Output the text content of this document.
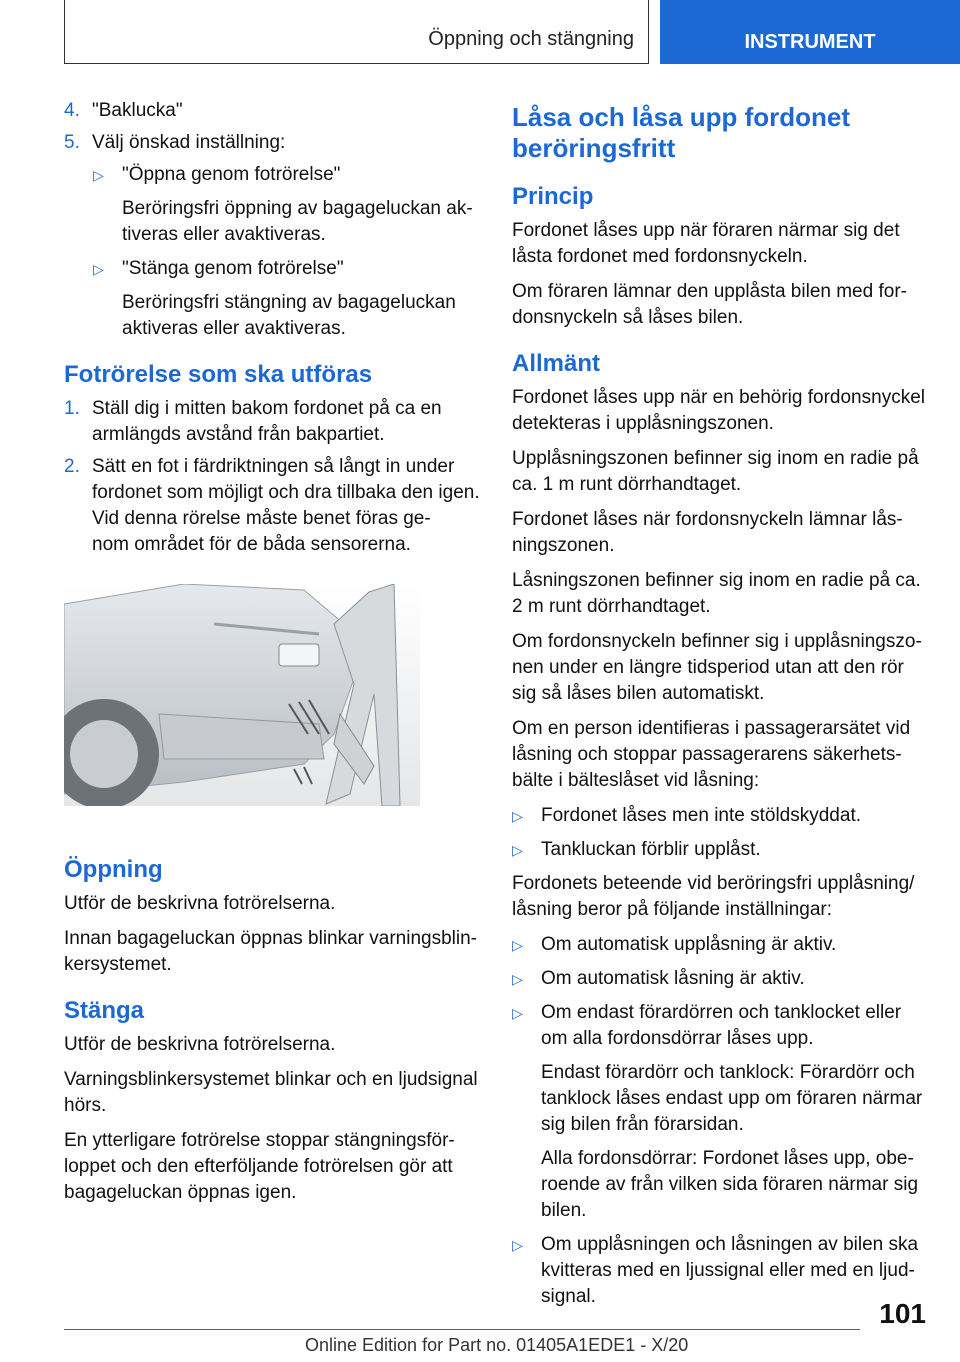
Öppning och stängning	INSTRUMENT
4. "Baklucka"
5. Välj önskad inställning:
▷ "Öppna genom fotrörelse"
Beröringsfri öppning av bagageluckan ak- tiveras eller avaktiveras.
▷ "Stänga genom fotrörelse"
Beröringsfri stängning av bagageluckan aktiveras eller avaktiveras.
Fotrörelse som ska utföras
1. Ställ dig i mitten bakom fordonet på ca en armlängds avstånd från bakpartiet.
2. Sätt en fot i färdriktningen så långt in under fordonet som möjligt och dra tillbaka den igen. Vid denna rörelse måste benet föras ge-
nom området för de båda sensorerna.
Öppning
Utför de beskrivna fotrörelserna.
Innan bagageluckan öppnas blinkar varningsblin-
kersystemet.
Stänga
Utför de beskrivna fotrörelserna.
Varningsblinkersystemet blinkar och en ljudsignal hörs.
En ytterligare fotrörelse stoppar stängningsför-
loppet och den efterföljande fotrörelsen gör att bagageluckan öppnas igen.
Låsa och låsa upp fordonet beröringsfritt
Princip
Fordonet låses upp när föraren närmar sig det låsta fordonet med fordonsnyckeln.
Om föraren lämnar den upplåsta bilen med for-
donsnyckeln så låses bilen.
Allmänt
Fordonet låses upp när en behörig fordonsnyckel detekteras i upplåsningszonen.
Upplåsningszonen befinner sig inom en radie på ca. 1 m runt dörrhandtaget.
Fordonet låses när fordonsnyckeln lämnar lås-
ningszonen.
Låsningszonen befinner sig inom en radie på ca. 2 m runt dörrhandtaget.
Om fordonsnyckeln befinner sig i upplåsningszo-
nen under en längre tidsperiod utan att den rör sig så låses bilen automatiskt.
Om en person identifieras i passagerarsätet vid låsning och stoppar passagerarens säkerhets-
bälte i bälteslåset vid låsning:
▷ Fordonet låses men inte stöldskyddat.
▷ Tankluckan förblir upplåst.
Fordonets beteende vid beröringsfri upplåsning/
låsning beror på följande inställningar:
▷ Om automatisk upplåsning är aktiv.
▷ Om automatisk låsning är aktiv.
▷ Om endast förardörren och tanklocket eller om alla fordonsdörrar låses upp.
Endast förardörr och tanklock: Förardörr och tanklock låses endast upp om föraren närmar sig bilen från förarsidan.
Alla fordonsdörrar: Fordonet låses upp, obe-
roende av från vilken sida föraren närmar sig bilen.
▷ Om upplåsningen och låsningen av bilen ska kvitteras med en ljussignal eller med en ljud-
signal.
101
Online Edition for Part no. 01405A1EDE1 - X/20
